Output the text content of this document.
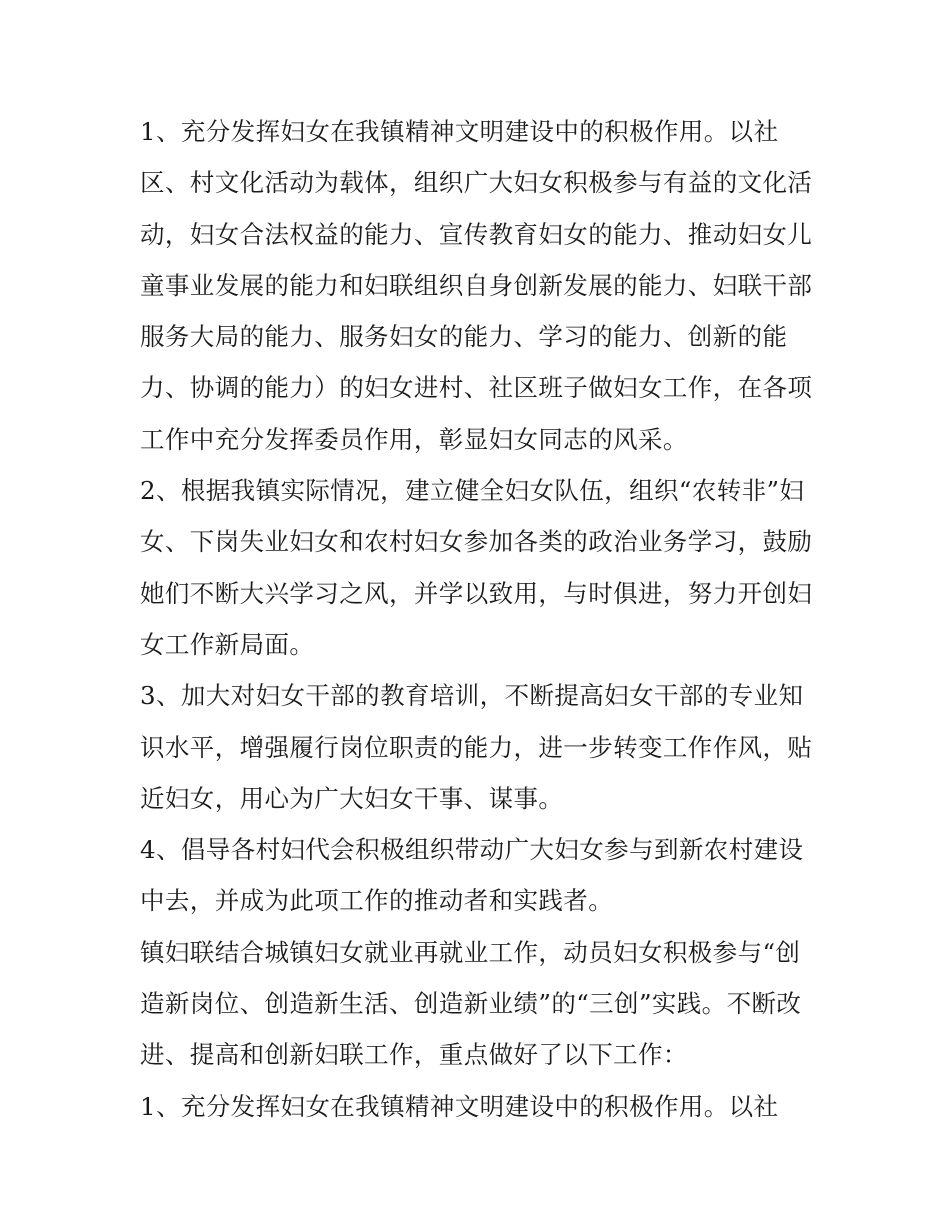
1、充分发挥妇女在我镇精神文明建设中的积极作用。以社
区、村文化活动为载体，组织广大妇女积极参与有益的文化活
动，妇女合法权益的能力、宣传教育妇女的能力、推动妇女儿
童事业发展的能力和妇联组织自身创新发展的能力、妇联干部
服务大局的能力、服务妇女的能力、学习的能力、创新的能
力、协调的能力）的妇女进村、社区班子做妇女工作，在各项
工作中充分发挥委员作用，彰显妇女同志的风采。
2、根据我镇实际情况，建立健全妇女队伍，组织“农转非”妇
女、下岗失业妇女和农村妇女参加各类的政治业务学习，鼓励
她们不断大兴学习之风，并学以致用，与时俱进，努力开创妇
女工作新局面。
3、加大对妇女干部的教育培训，不断提高妇女干部的专业知
识水平，增强履行岗位职责的能力，进一步转变工作作风，贴
近妇女，用心为广大妇女干事、谋事。
4、倡导各村妇代会积极组织带动广大妇女参与到新农村建设
中去，并成为此项工作的推动者和实践者。
镇妇联结合城镇妇女就业再就业工作，动员妇女积极参与“创
造新岗位、创造新生活、创造新业绩”的“三创”实践。不断改
进、提高和创新妇联工作，重点做好了以下工作：
1、充分发挥妇女在我镇精神文明建设中的积极作用。以社
